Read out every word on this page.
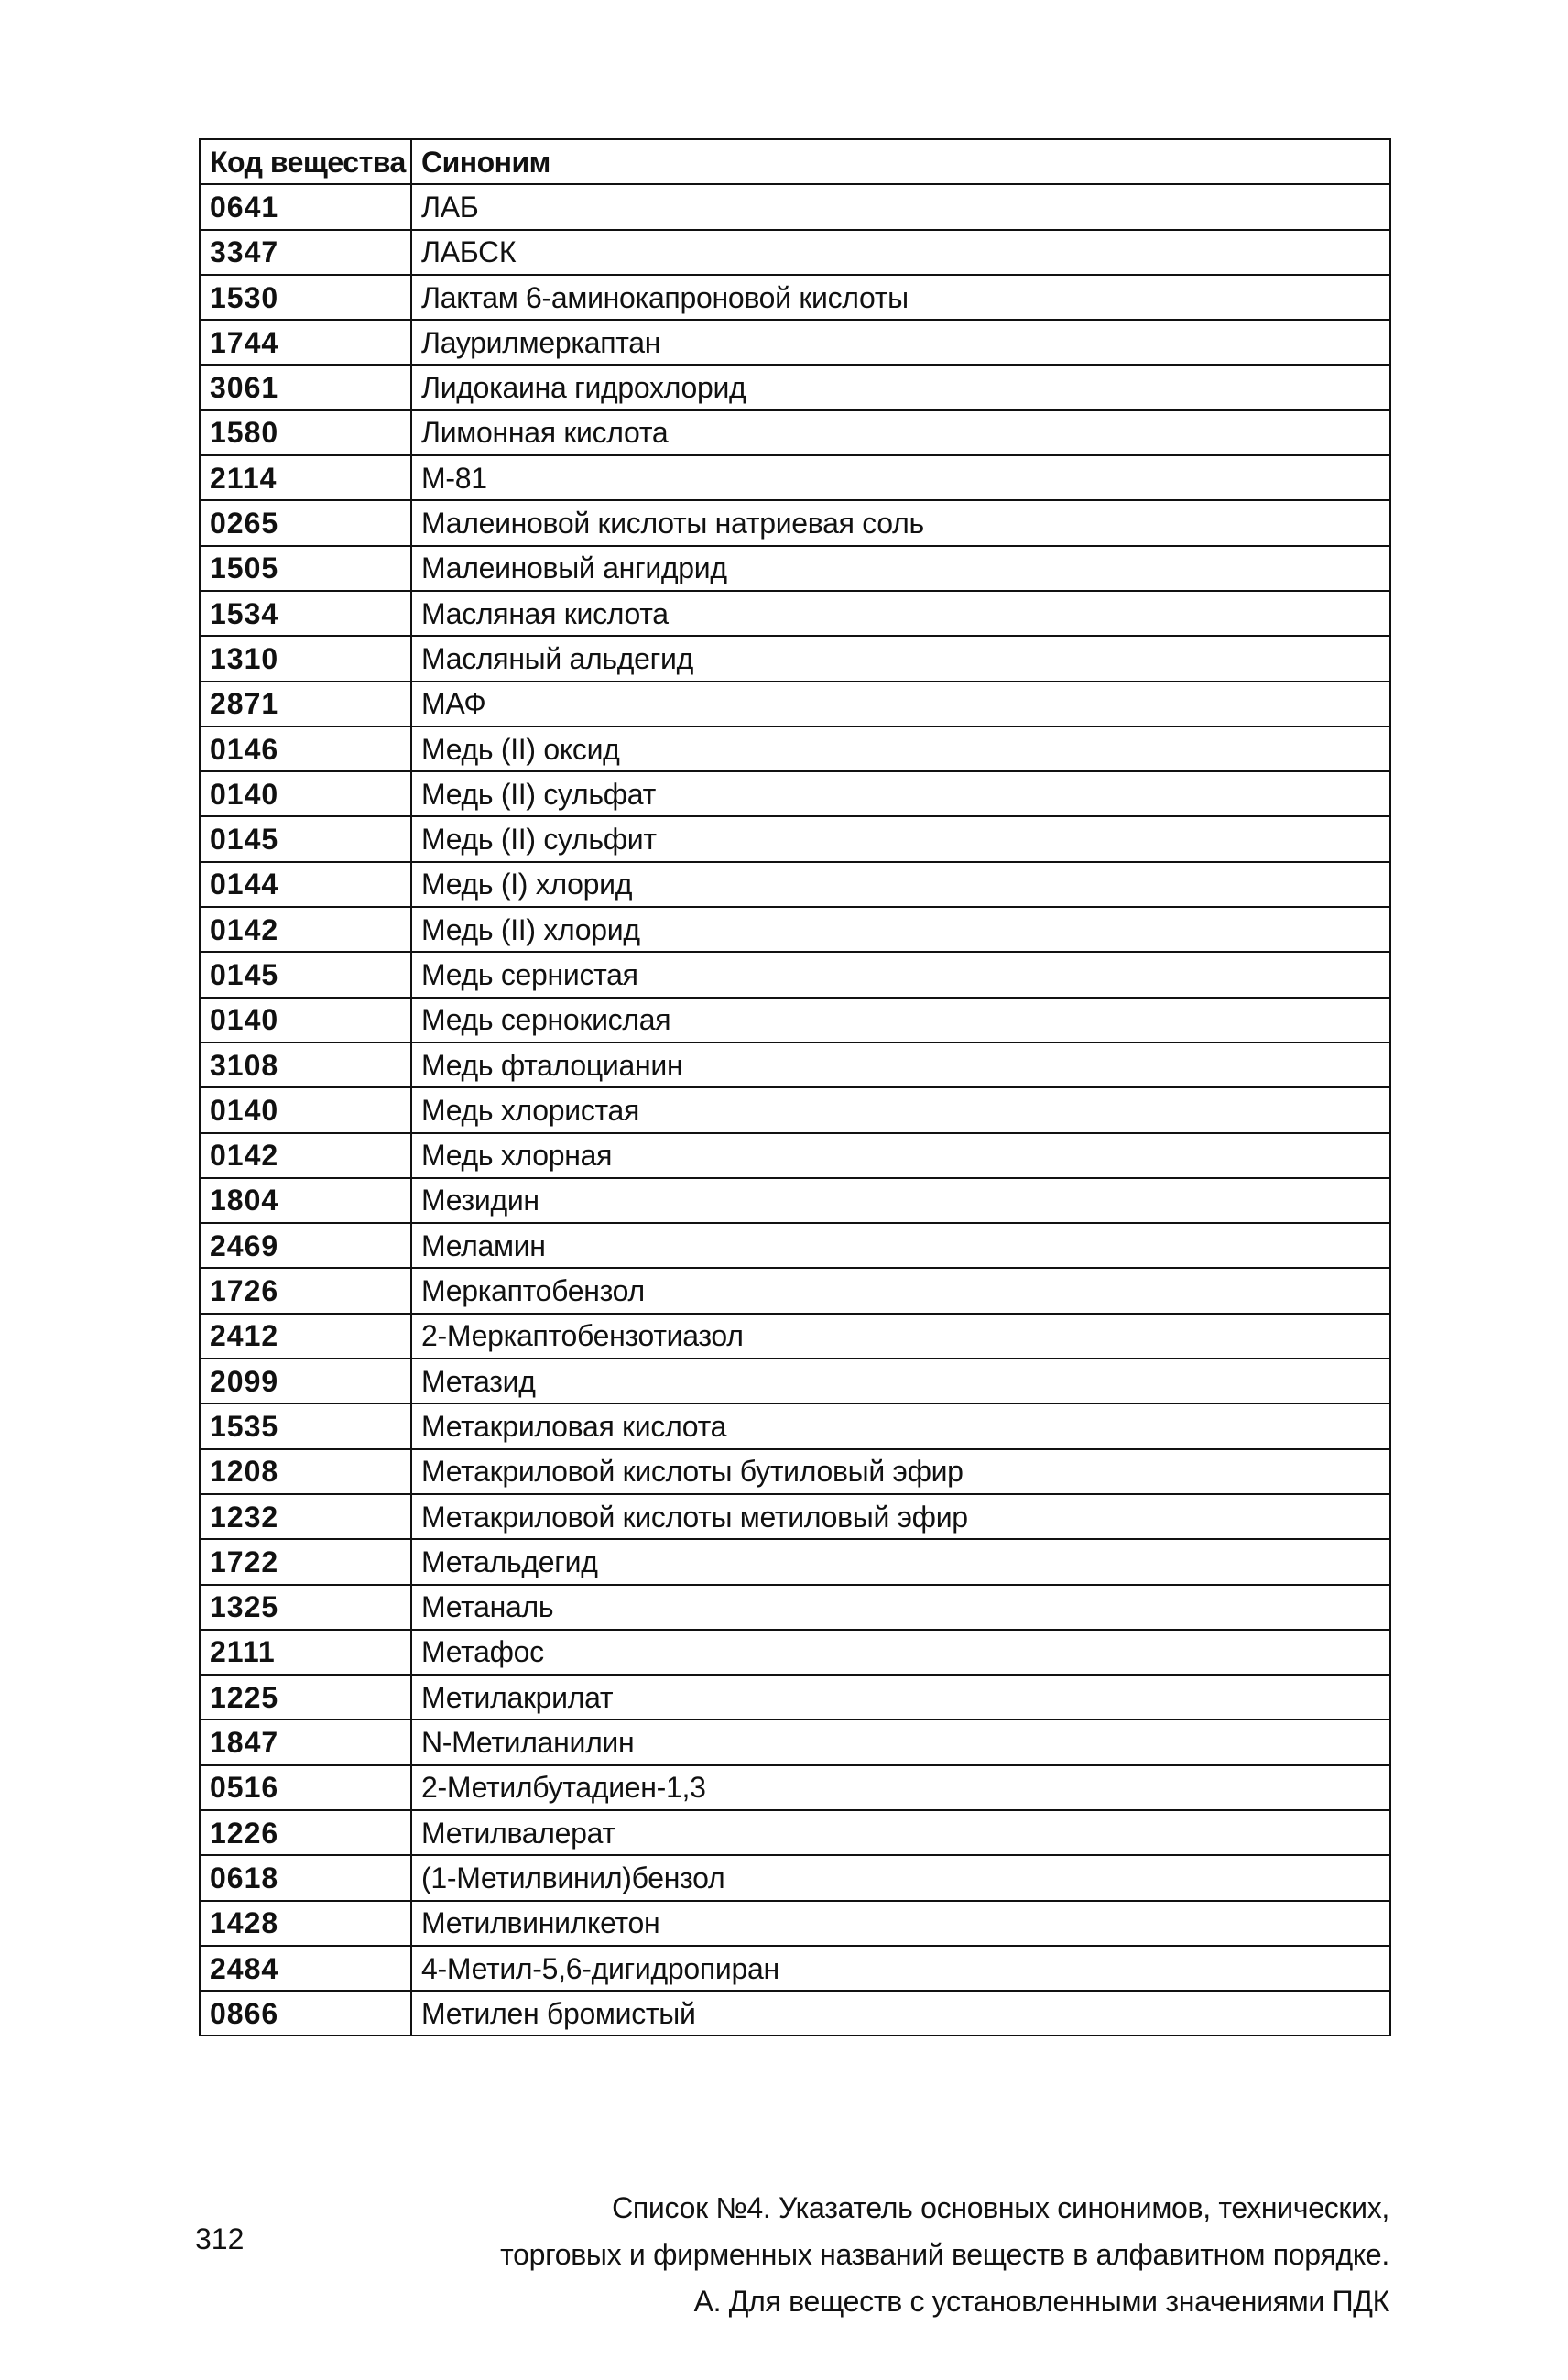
Код вещества	Синоним
0641	ЛАБ
3347	ЛАБСК
1530	Лактам 6-аминокапроновой кислоты
1744	Лаурилмеркаптан
3061	Лидокаина гидрохлорид
1580	Лимонная кислота
2114	М-81
0265	Малеиновой кислоты натриевая соль
1505	Малеиновый ангидрид
1534	Масляная кислота
1310	Масляный альдегид
2871	МАФ
0146	Медь (II) оксид
0140	Медь (II) сульфат
0145	Медь (II) сульфит
0144	Медь (I) хлорид
0142	Медь (II) хлорид
0145	Медь сернистая
0140	Медь сернокислая
3108	Медь фталоцианин
0140	Медь хлористая
0142	Медь хлорная
1804	Мезидин
2469	Меламин
1726	Меркаптобензол
2412	2-Меркаптобензотиазол
2099	Метазид
1535	Метакриловая кислота
1208	Метакриловой кислоты бутиловый эфир
1232	Метакриловой кислоты метиловый эфир
1722	Метальдегид
1325	Метаналь
2111	Метафос
1225	Метилакрилат
1847	N-Метиланилин
0516	2-Метилбутадиен-1,3
1226	Метилвалерат
0618	(1-Метилвинил)бензол
1428	Метилвинилкетон
2484	4-Метил-5,6-дигидропиран
0866	Метилен бромистый
312
Список №4. Указатель основных синонимов, технических,
торговых и фирменных названий веществ в алфавитном порядке.
А. Для веществ с установленными значениями ПДК
